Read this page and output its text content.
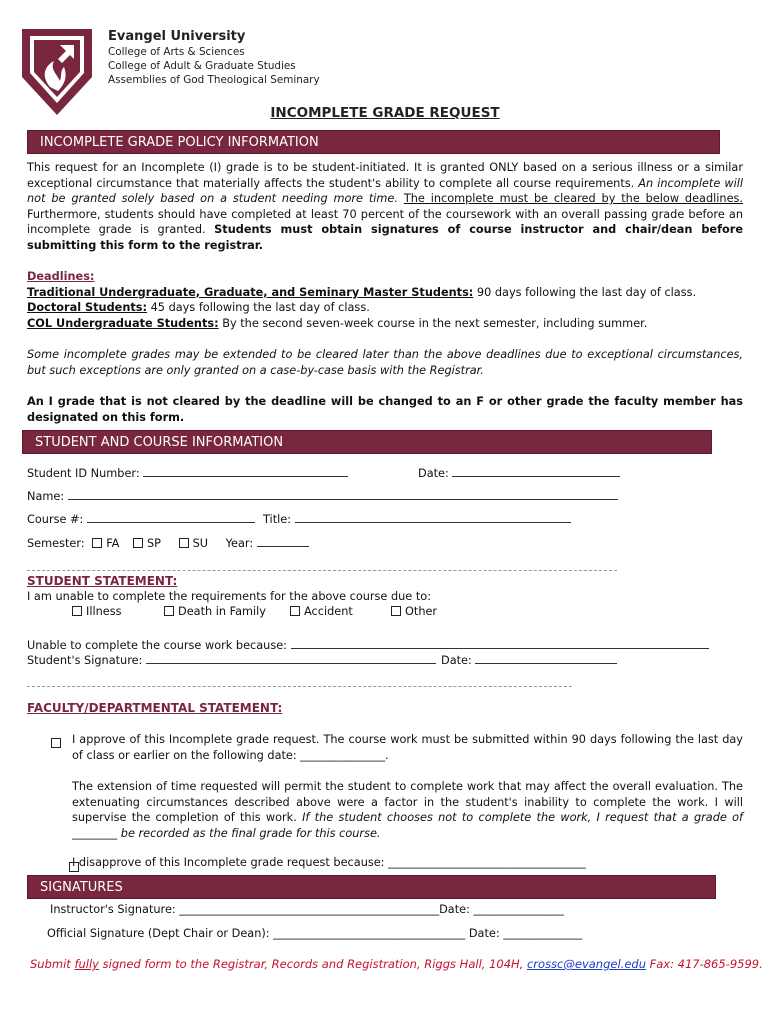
Evangel University
College of Arts & Sciences
College of Adult & Graduate Studies
Assemblies of God Theological Seminary
INCOMPLETE GRADE REQUEST
INCOMPLETE GRADE POLICY INFORMATION
This request for an Incomplete (I) grade is to be student-initiated. It is granted ONLY based on a serious illness or a similar exceptional circumstance that materially affects the student's ability to complete all course requirements. An incomplete will not be granted solely based on a student needing more time. The incomplete must be cleared by the below deadlines. Furthermore, students should have completed at least 70 percent of the coursework with an overall passing grade before an incomplete grade is granted. Students must obtain signatures of course instructor and chair/dean before submitting this form to the registrar.
Deadlines:
Traditional Undergraduate, Graduate, and Seminary Master Students: 90 days following the last day of class.
Doctoral Students: 45 days following the last day of class.
COL Undergraduate Students: By the second seven-week course in the next semester, including summer.
Some incomplete grades may be extended to be cleared later than the above deadlines due to exceptional circumstances, but such exceptions are only granted on a case-by-case basis with the Registrar.
An I grade that is not cleared by the deadline will be changed to an F or other grade the faculty member has designated on this form.
STUDENT AND COURSE INFORMATION
Student ID Number:	Date:
Name:
Course #:	Title:
Semester: FA SP	SU Year:
STUDENT STATEMENT:
I am unable to complete the requirements for the above course due to:
Illness	Death in Family	Accident	Other
Unable to complete the course work because:
Student's Signature:	Date:
FACULTY/DEPARTMENTAL STATEMENT:

I approve of this Incomplete grade request. The course work must be submitted within 90 days following the last day of class or earlier on the following date: _______________.
The extension of time requested will permit the student to complete work that may affect the overall evaluation. The extenuating circumstances described above were a factor in the student's inability to complete the work. I will supervise the completion of this work. If the student chooses not to complete the work, I request that a grade of ________ be recorded as the final grade for this course.
I disapprove of this Incomplete grade request because: ___________________________________
SIGNATURES
Instructor's Signature: ______________________________________________Date: ________________
Official Signature (Dept Chair or Dean): __________________________________ Date: ______________
Submit fully signed form to the Registrar, Records and Registration, Riggs Hall, 104H, crossc@evangel.edu Fax: 417-865-9599.
